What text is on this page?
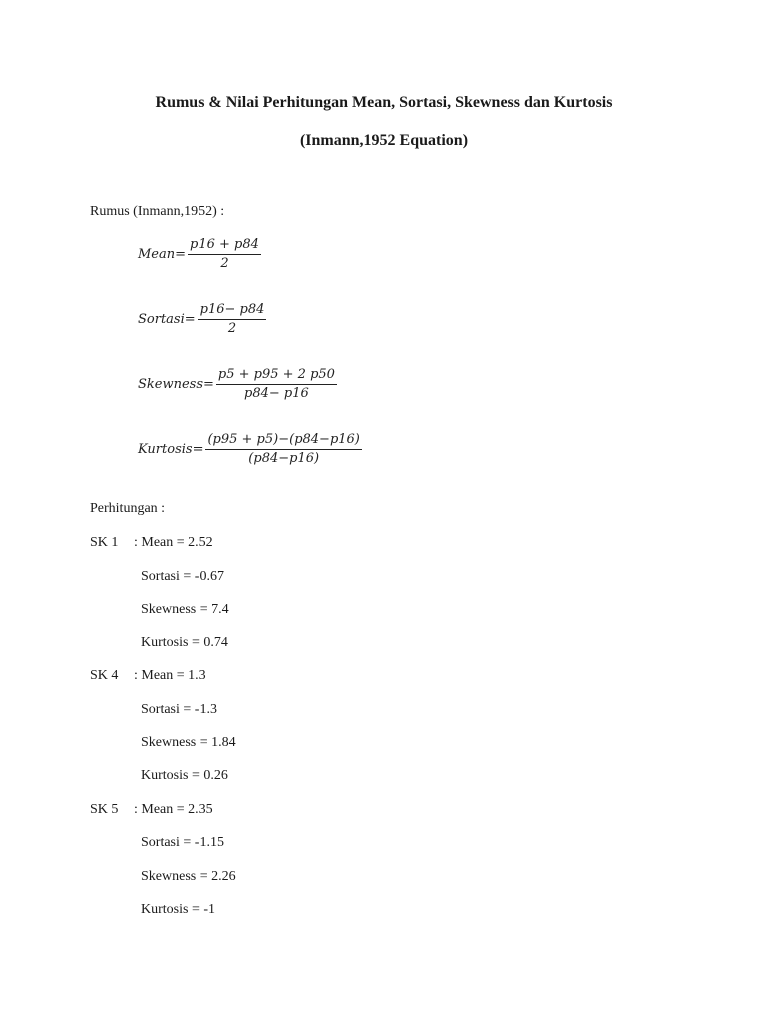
Rumus & Nilai Perhitungan Mean, Sortasi, Skewness dan Kurtosis
(Inmann,1952 Equation)
Rumus (Inmann,1952) :
Mean= $\frac{p16 + p84}{2}$
Sortasi= $\frac{p16- p84}{2}$
Skewness= $\frac{p5 + p95 + 2 p50}{p84- p16}$
Kurtosis= $\frac{(p95 + p5)-(p84-p16)}{(p84-p16)}$
Perhitungan :
SK 1 : Mean = 2.52
Sortasi = -0.67
Skewness = 7.4
Kurtosis = 0.74
SK 4 : Mean = 1.3
Sortasi = -1.3
Skewness = 1.84
Kurtosis = 0.26
SK 5 : Mean = 2.35
Sortasi = -1.15
Skewness = 2.26
Kurtosis = -1
